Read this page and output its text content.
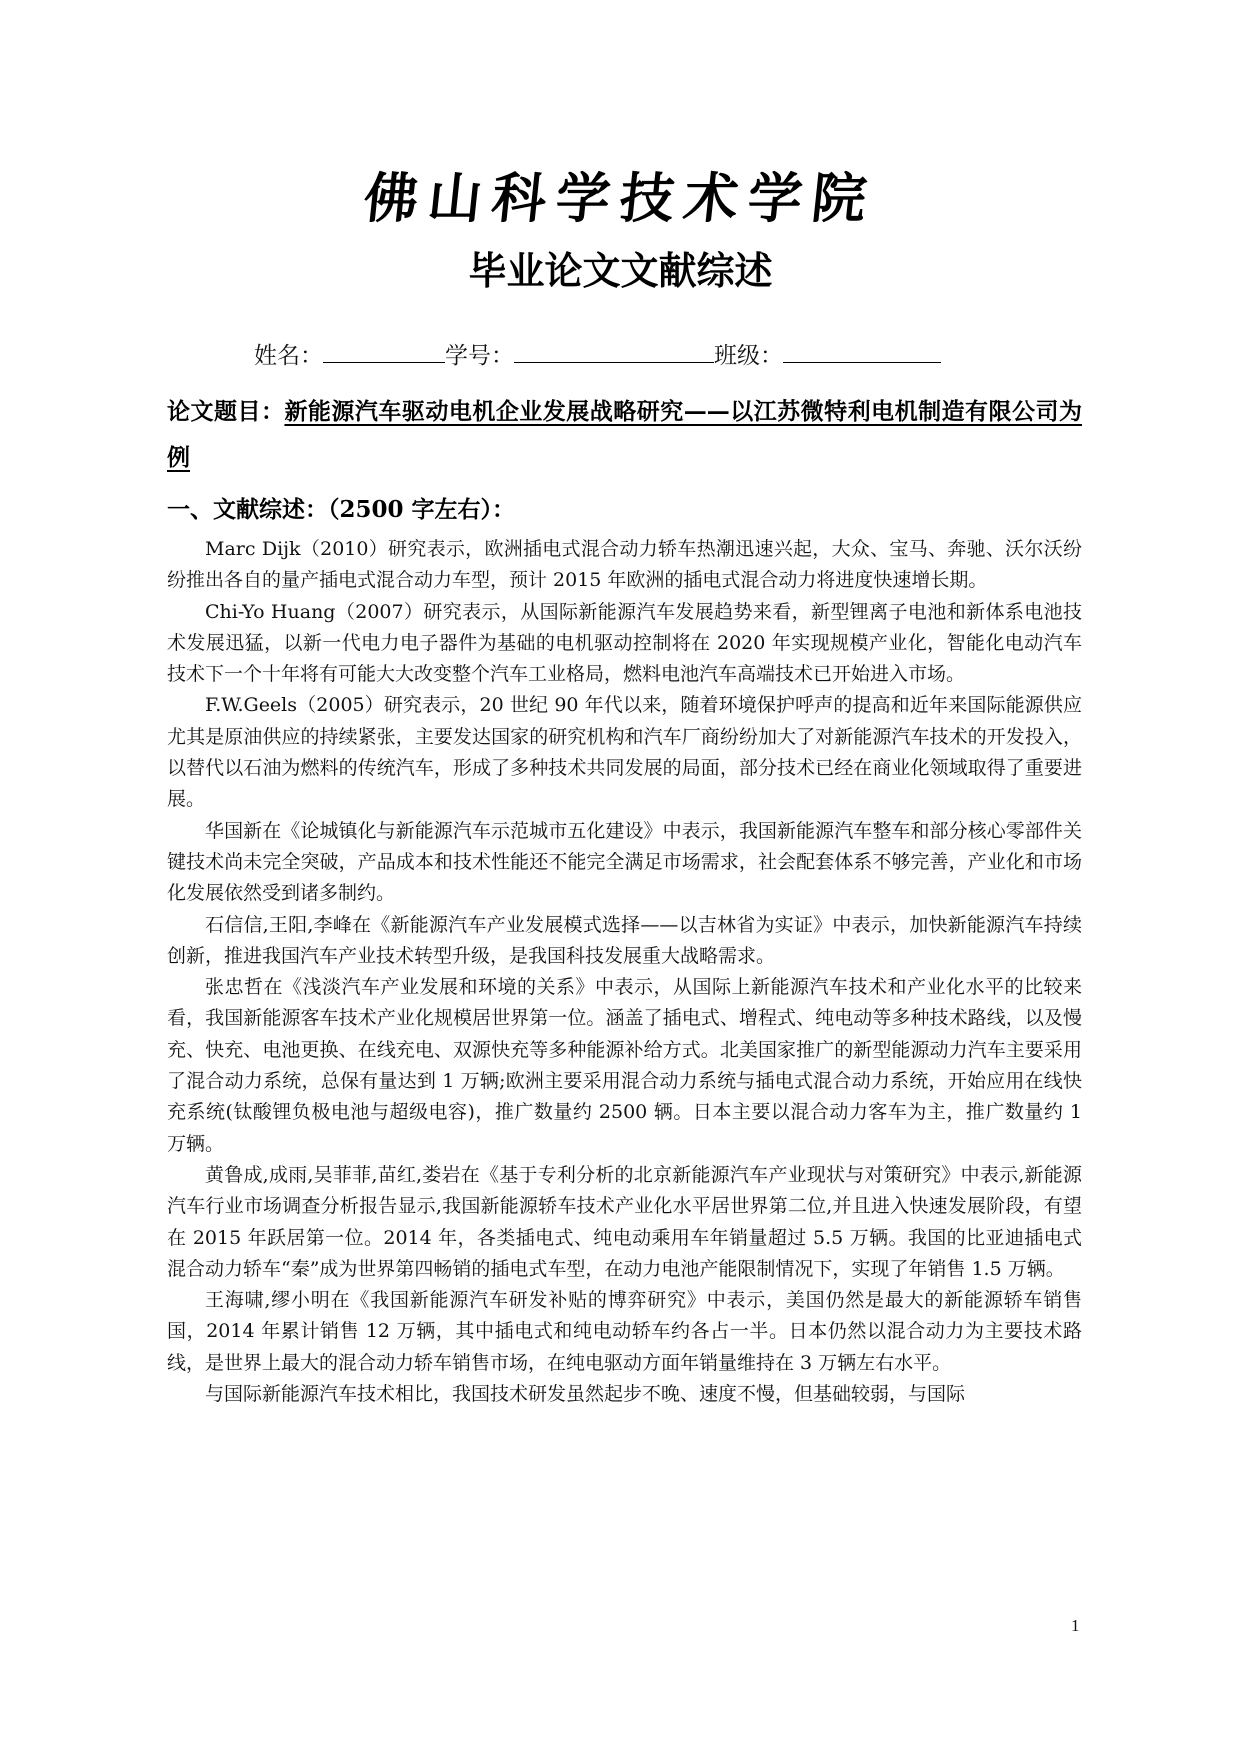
佛山科学技术学院
毕业论文文献综述
姓名：	学号：	班级：
论文题目：新能源汽车驱动电机企业发展战略研究——以江苏微特利电机制造有限公司为例
一、文献综述：（2500 字左右）：

Marc Dijk（2010）研究表示，欧洲插电式混合动力轿车热潮迅速兴起，大众、宝马、奔驰、沃尔沃纷纷推出各自的量产插电式混合动力车型，预计 2015 年欧洲的插电式混合动力将进度快速增长期。

Chi-Yo Huang（2007）研究表示，从国际新能源汽车发展趋势来看，新型锂离子电池和新体系电池技术发展迅猛，以新一代电力电子器件为基础的电机驱动控制将在 2020 年实现规模产业化，智能化电动汽车技术下一个十年将有可能大大改变整个汽车工业格局，燃料电池汽车高端技术已开始进入市场。

F.W.Geels（2005）研究表示，20 世纪 90 年代以来，随着环境保护呼声的提高和近年来国际能源供应尤其是原油供应的持续紧张，主要发达国家的研究机构和汽车厂商纷纷加大了对新能源汽车技术的开发投入，以替代以石油为燃料的传统汽车，形成了多种技术共同发展的局面，部分技术已经在商业化领域取得了重要进展。

华国新在《论城镇化与新能源汽车示范城市五化建设》中表示，我国新能源汽车整车和部分核心零部件关键技术尚未完全突破，产品成本和技术性能还不能完全满足市场需求，社会配套体系不够完善，产业化和市场化发展依然受到诸多制约。

石信信,王阳,李峰在《新能源汽车产业发展模式选择——以吉林省为实证》中表示，加快新能源汽车持续创新，推进我国汽车产业技术转型升级，是我国科技发展重大战略需求。

张忠哲在《浅淡汽车产业发展和环境的关系》中表示，从国际上新能源汽车技术和产业化水平的比较来看，我国新能源客车技术产业化规模居世界第一位。涵盖了插电式、增程式、纯电动等多种技术路线，以及慢充、快充、电池更换、在线充电、双源快充等多种能源补给方式。北美国家推广的新型能源动力汽车主要采用了混合动力系统，总保有量达到 1 万辆;欧洲主要采用混合动力系统与插电式混合动力系统，开始应用在线快充系统(钛酸锂负极电池与超级电容)，推广数量约 2500 辆。日本主要以混合动力客车为主，推广数量约 1 万辆。

黄鲁成,成雨,吴菲菲,苗红,娄岩在《基于专利分析的北京新能源汽车产业现状与对策研究》中表示,新能源汽车行业市场调查分析报告显示,我国新能源轿车技术产业化水平居世界第二位,并且进入快速发展阶段，有望在 2015 年跃居第一位。2014 年，各类插电式、纯电动乘用车年销量超过 5.5 万辆。我国的比亚迪插电式混合动力轿车“秦”成为世界第四畅销的插电式车型，在动力电池产能限制情况下，实现了年销售 1.5 万辆。

王海啸,缪小明在《我国新能源汽车研发补贴的博弈研究》中表示，美国仍然是最大的新能源轿车销售国，2014 年累计销售 12 万辆，其中插电式和纯电动轿车约各占一半。日本仍然以混合动力为主要技术路线，是世界上最大的混合动力轿车销售市场，在纯电驱动方面年销量维持在 3 万辆左右水平。

与国际新能源汽车技术相比，我国技术研发虽然起步不晚、速度不慢，但基础较弱，与国际

1
